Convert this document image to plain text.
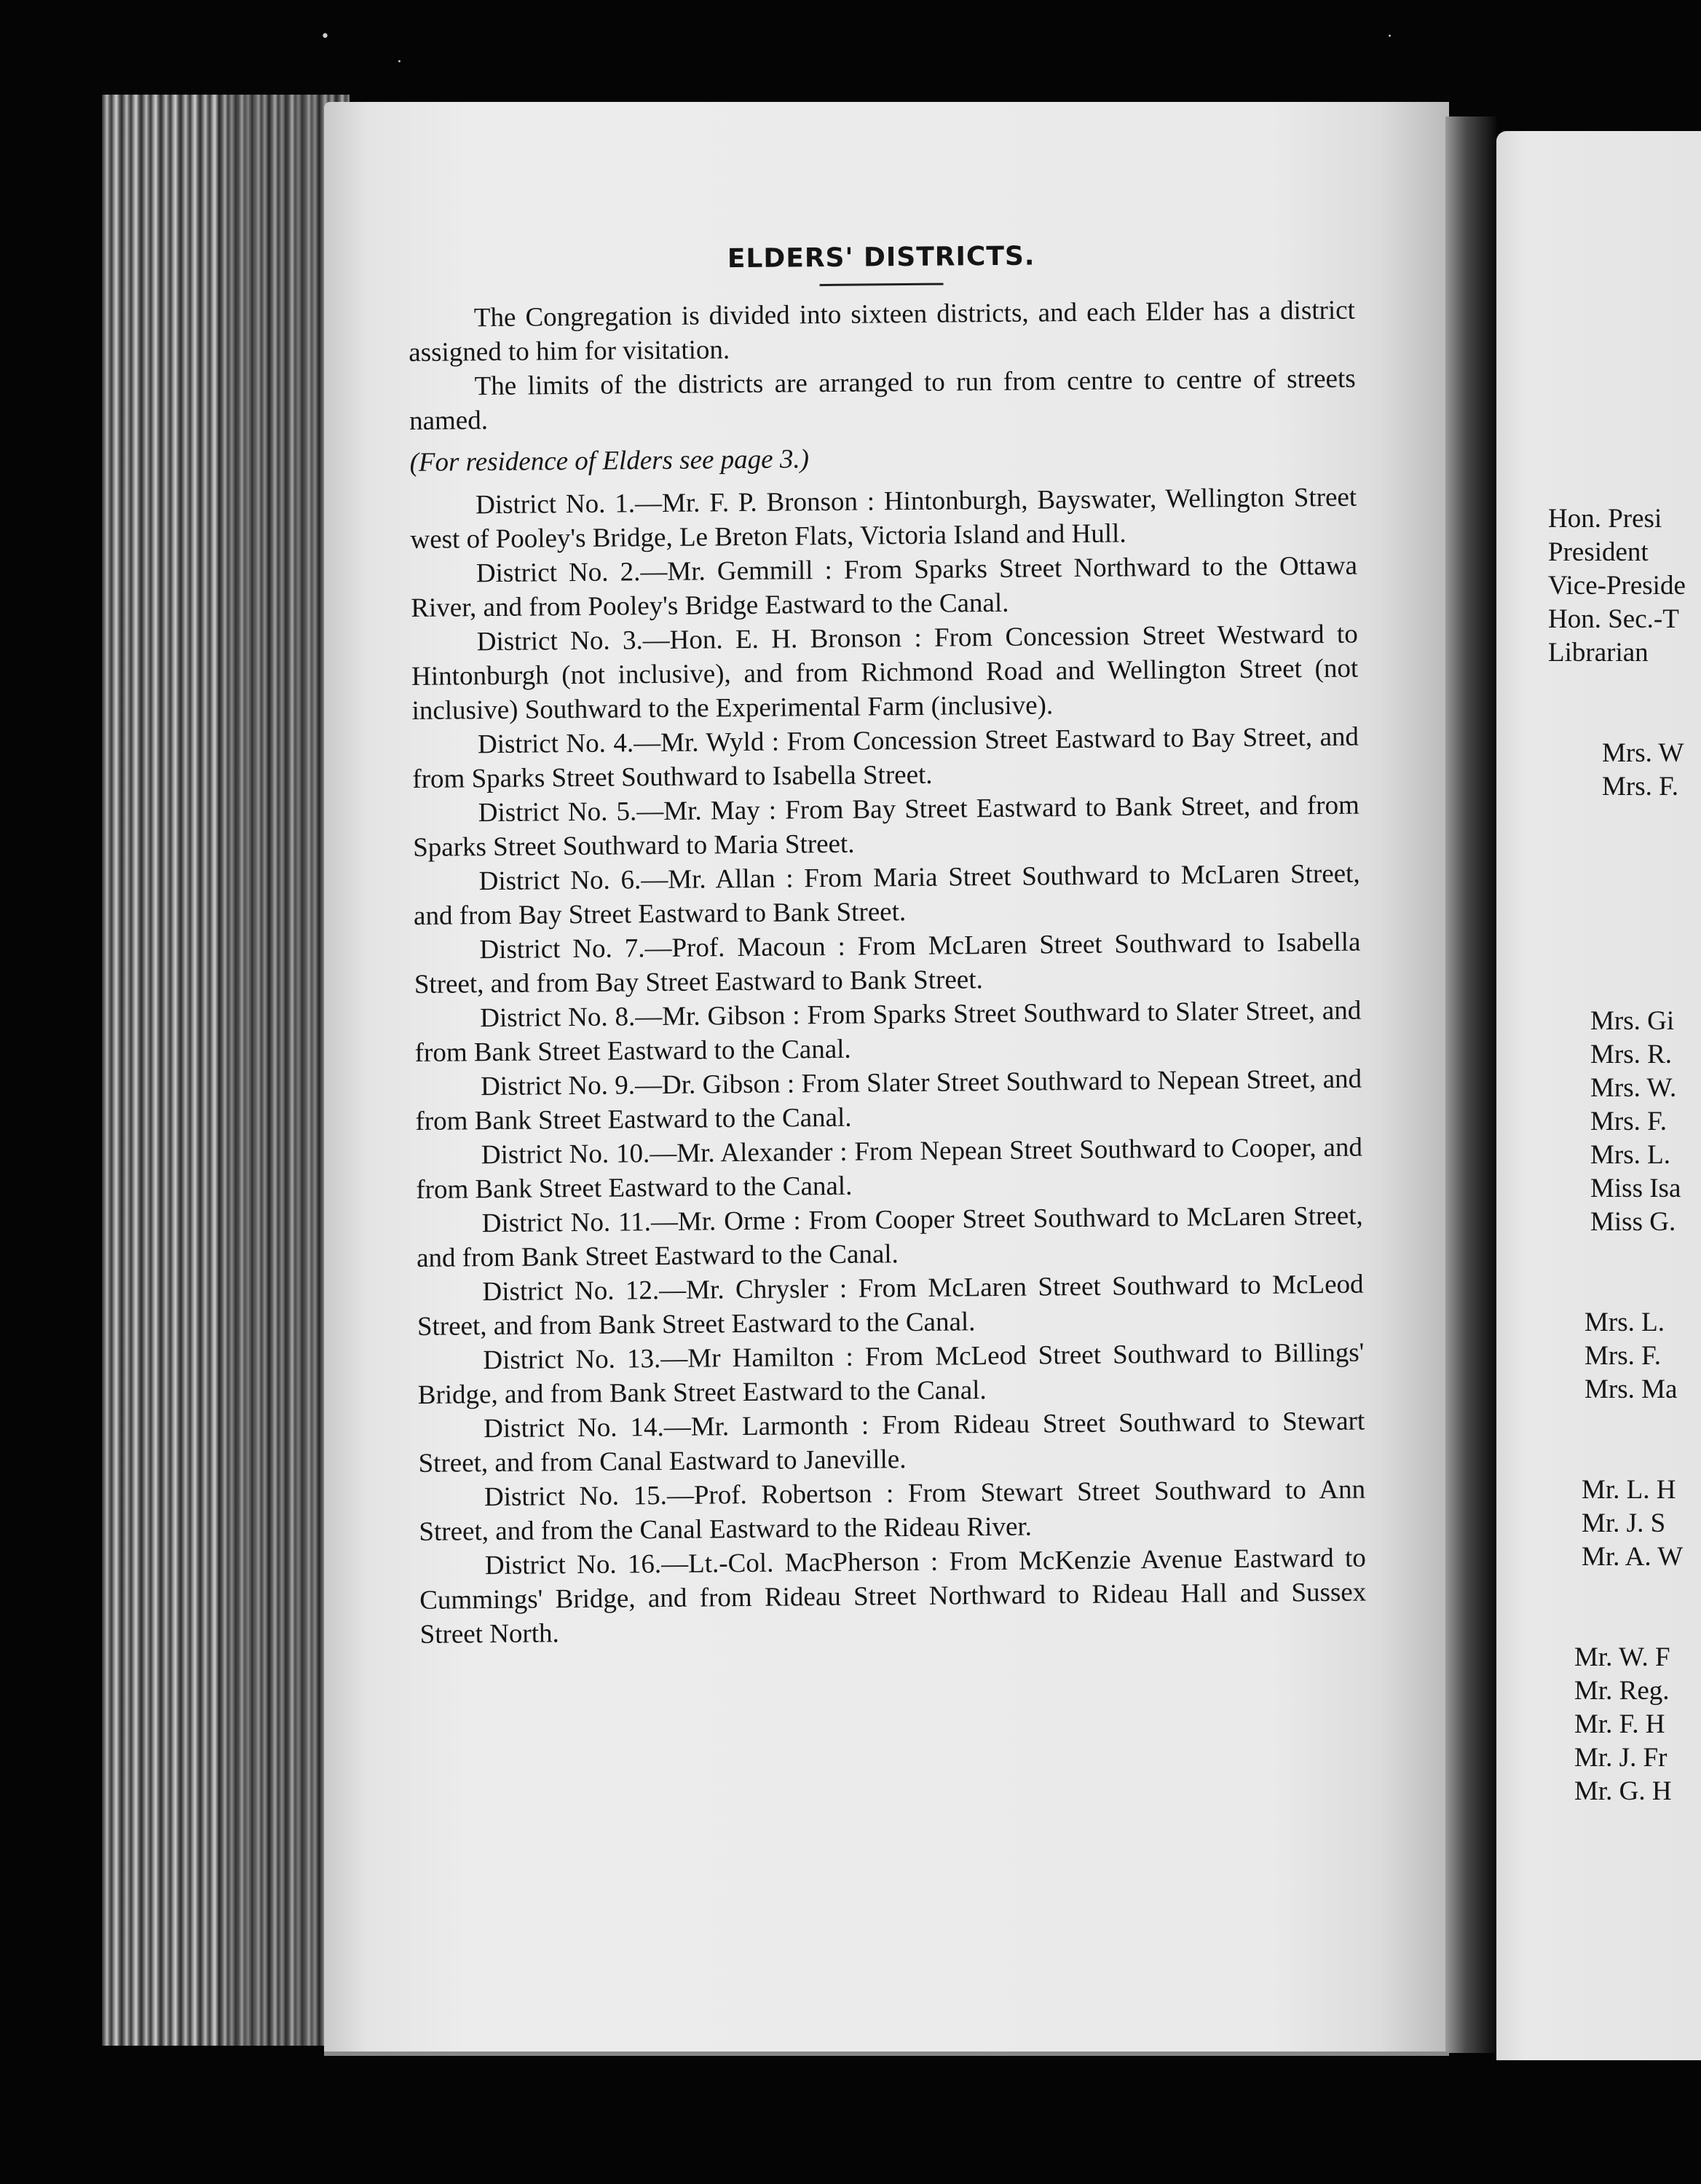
•
·
·
ELDERS' DISTRICTS.

The Congregation is divided into sixteen districts, and each Elder has a district assigned to him for visitation.

The limits of the districts are arranged to run from centre to centre of streets named.

(For residence of Elders see page 3.)

District No. 1.—Mr. F. P. Bronson : Hintonburgh, Bayswater, Wellington Street west of Pooley's Bridge, Le Breton Flats, Victoria Island and Hull.

District No. 2.—Mr. Gemmill : From Sparks Street Northward to the Ottawa River, and from Pooley's Bridge Eastward to the Canal.

District No. 3.—Hon. E. H. Bronson : From Concession Street Westward to Hintonburgh (not inclusive), and from Richmond Road and Wellington Street (not inclusive) Southward to the Experimental Farm (inclusive).

District No. 4.—Mr. Wyld : From Concession Street Eastward to Bay Street, and from Sparks Street Southward to Isabella Street.

District No. 5.—Mr. May : From Bay Street Eastward to Bank Street, and from Sparks Street Southward to Maria Street.

District No. 6.—Mr. Allan : From Maria Street Southward to McLaren Street, and from Bay Street Eastward to Bank Street.

District No. 7.—Prof. Macoun : From McLaren Street Southward to Isabella Street, and from Bay Street Eastward to Bank Street.

District No. 8.—Mr. Gibson : From Sparks Street Southward to Slater Street, and from Bank Street Eastward to the Canal.

District No. 9.—Dr. Gibson : From Slater Street Southward to Nepean Street, and from Bank Street Eastward to the Canal.

District No. 10.—Mr. Alexander : From Nepean Street Southward to Cooper, and from Bank Street Eastward to the Canal.

District No. 11.—Mr. Orme : From Cooper Street Southward to McLaren Street, and from Bank Street Eastward to the Canal.

District No. 12.—Mr. Chrysler : From McLaren Street Southward to McLeod Street, and from Bank Street Eastward to the Canal.

District No. 13.—Mr Hamilton : From McLeod Street Southward to Billings' Bridge, and from Bank Street Eastward to the Canal.

District No. 14.—Mr. Larmonth : From Rideau Street Southward to Stewart Street, and from Canal Eastward to Janeville.

District No. 15.—Prof. Robertson : From Stewart Street Southward to Ann Street, and from the Canal Eastward to the Rideau River.

District No. 16.—Lt.-Col. MacPherson : From McKenzie Avenue Eastward to Cummings' Bridge, and from Rideau Street Northward to Rideau Hall and Sussex Street North.

Hon. Presi
President
Vice-Preside
Hon. Sec.-T
Librarian
Mrs. W
Mrs. F.
Mrs. Gi
Mrs. R.
Mrs. W.
Mrs. F.
Mrs. L.
Miss Isa
Miss G.
Mrs. L.
Mrs. F.
Mrs. Ma
Mr. L. H
Mr. J. S
Mr. A. W
Mr. W. F
Mr. Reg.
Mr. F. H
Mr. J. Fr
Mr. G. H
